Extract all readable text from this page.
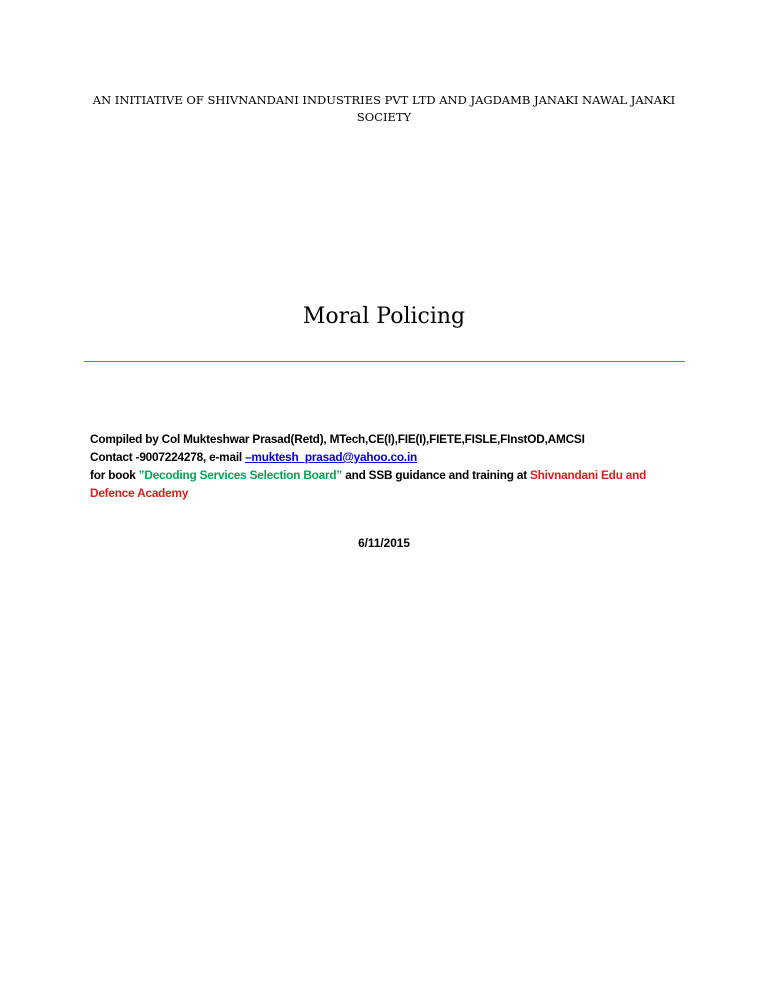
AN INITIATIVE OF SHIVNANDANI INDUSTRIES PVT LTD AND JAGDAMB JANAKI NAWAL JANAKI
SOCIETY
Moral Policing
Compiled by Col Mukteshwar Prasad(Retd), MTech,CE(I),FIE(I),FIETE,FISLE,FInstOD,AMCSI
Contact -9007224278, e-mail –muktesh_prasad@yahoo.co.in
for book ”Decoding Services Selection Board” and SSB guidance and training at Shivnandani Edu and
Defence Academy
6/11/2015
